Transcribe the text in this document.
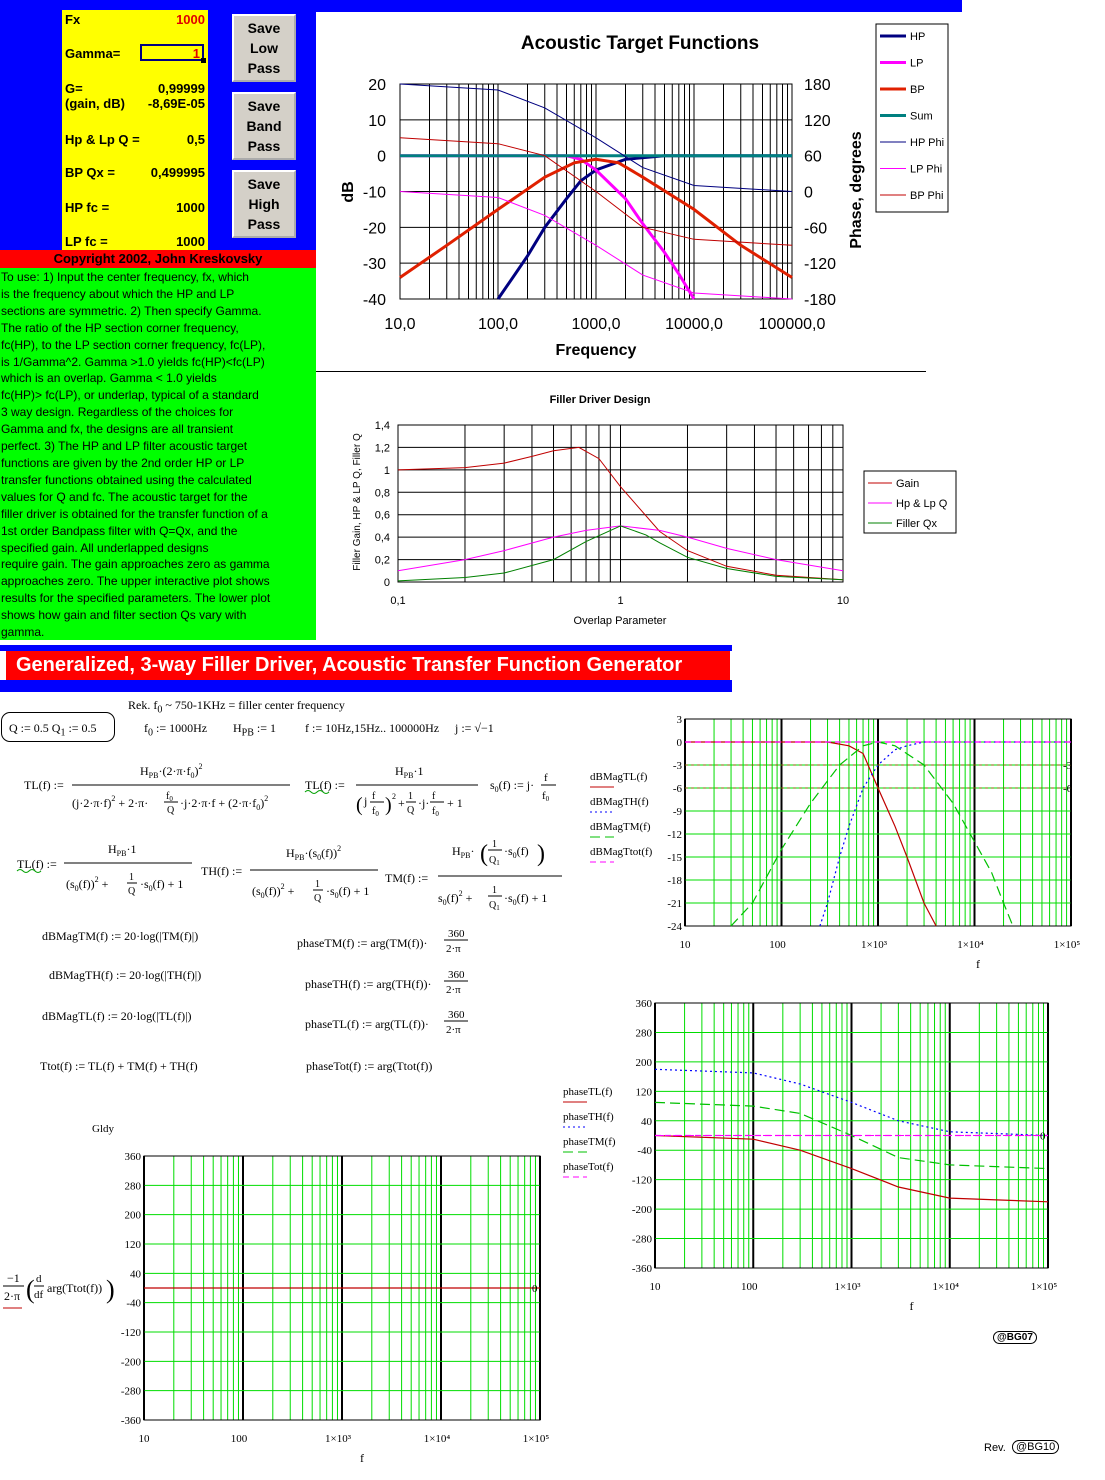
Fx	1000
Gamma=	1
G=	0,99999
(gain, dB) -8,69E-05
Hp & Lp Q =	0,5
BP Qx =	0,499995
HP fc =	1000
LP fc =	1000
Save
Low
Pass
Save
Band
Pass
Save
High
Pass
Copyright 2002, John Kreskovsky
To use: 1) Input the center frequency, fx, which
is the frequency about which the HP and LP
sections are symmetric. 2) Then specify Gamma.
The ratio of the HP section corner frequency,
fc(HP), to the LP section corner frequency, fc(LP),
is 1/Gamma^2. Gamma >1.0 yields fc(HP)<fc(LP)
which is an overlap. Gamma < 1.0 yields
fc(HP)> fc(LP), or underlap, typical of a standard
3 way design. Regardless of the choices for
Gamma and fx, the designs are all transient
perfect. 3) The HP and LP filter acoustic target
functions are given by the 2nd order HP or LP
transfer functions obtained using the calculated
values for Q and fc. The acoustic target for the
filler driver is obtained for the transfer function of a
1st order Bandpass filter with Q=Qx, and the
specified gain. All underlapped designs
require gain. The gain approaches zero as gamma
approaches zero. The upper interactive plot shows
results for the specified parameters. The lower plot
shows how gain and filter section Qs vary with
gamma.
Acoustic Target Functions
20
10
0
-10
-20
-30
-40
180
120
60
0
-60
-120
-180
10,0	100,0	1000,0	10000,0 100000,0
Frequency
dB	Phase, degrees
HP
LP
BP
Sum
HP Phi
LP Phi
BP Phi
Filler Driver Design
1,4
1,2
1
0,8
0,6
0,4
0,2
0
0,1	1	10
Overlap Parameter
Filler Gain, HP & LP Q, Filler Q	Gain
Hp & Lp Q
Filler Qx
Generalized, 3-way Filler Driver, Acoustic Transfer Function Generator
Rek. $f_0$ ~ 750-1KHz = filler center frequency
Q := 0.5 $Q_1$ := 0.5	$f_0$ := 1000Hz $H_{PB}$ := 1 f := 10Hz,15Hz.. 100000Hz j := √−1
TL(f) :=
$H_{PB}\cdot(2\cdot\pi\cdot f_0)^2$
$(j\cdot 2\cdot\pi\cdot f)^2 + 2\cdot\pi\cdot f_0$
Q
$\cdot j\cdot 2\cdot\pi\cdot f + (2\cdot\pi\cdot f_0)^2$
TL(f) :=
$H_{PB}\cdot 1$
( j f
$f_0$ ) 2 + 1
Q
·j· f
$f_0$
+ 1
$s_0(f)$ := j· f
f0
TL(f) :=
$H_{PB}\cdot 1$
$(s_0(f))^2 + 1$
Q
$\cdot s_0(f) + 1$
TH(f) :=
$H_{PB}\cdot(s_0(f))^2$
$(s_0(f))^2 + 1$
Q
$\cdot s_0(f) + 1$
TM(f) :=
$H_{PB}\cdot$ ( 1
$Q_1$
$\cdot s_0(f)$ )
$s_0(f)^2$ +
1
$Q_1$
$\cdot s_0(f) + 1$
dBMagTM(f) := 20·log(|TM(f)|)
dBMagTH(f) := 20·log(|TH(f)|)
dBMagTL(f) := 20·log(|TL(f)|)
Ttot(f) := TL(f) + TM(f) + TH(f)
phaseTM(f) := arg(TM(f))·
phaseTH(f) := arg(TH(f))·
phaseTL(f) := arg(TL(f))·
phaseTot(f) := arg(Ttot(f))
360
2·π
360
2·π
360
2·π
−1
2·π ( d
df arg(Ttot(f)) )
3
0
-3
-6
-9
-12
-15
-18
-21
-24
10	100	1×10³	1×10⁴	1×10⁵
f
-3
-6
dBMagTL(f)
dBMagTH(f)
dBMagTM(f)
dBMagTtot(f)
360
280
200
120
40
-40
-120
-200
-280
-360
10	100	1×10³	1×10⁴	1×10⁵
f
0
phaseTL(f)
phaseTH(f)
phaseTM(f)
phaseTot(f)
360
280
200
120
40
-40
-120
-200
-280
-360
10	100	1×10³	1×10⁴	1×10⁵
f
0
Gldy
@BG07
Rev. @BG10
